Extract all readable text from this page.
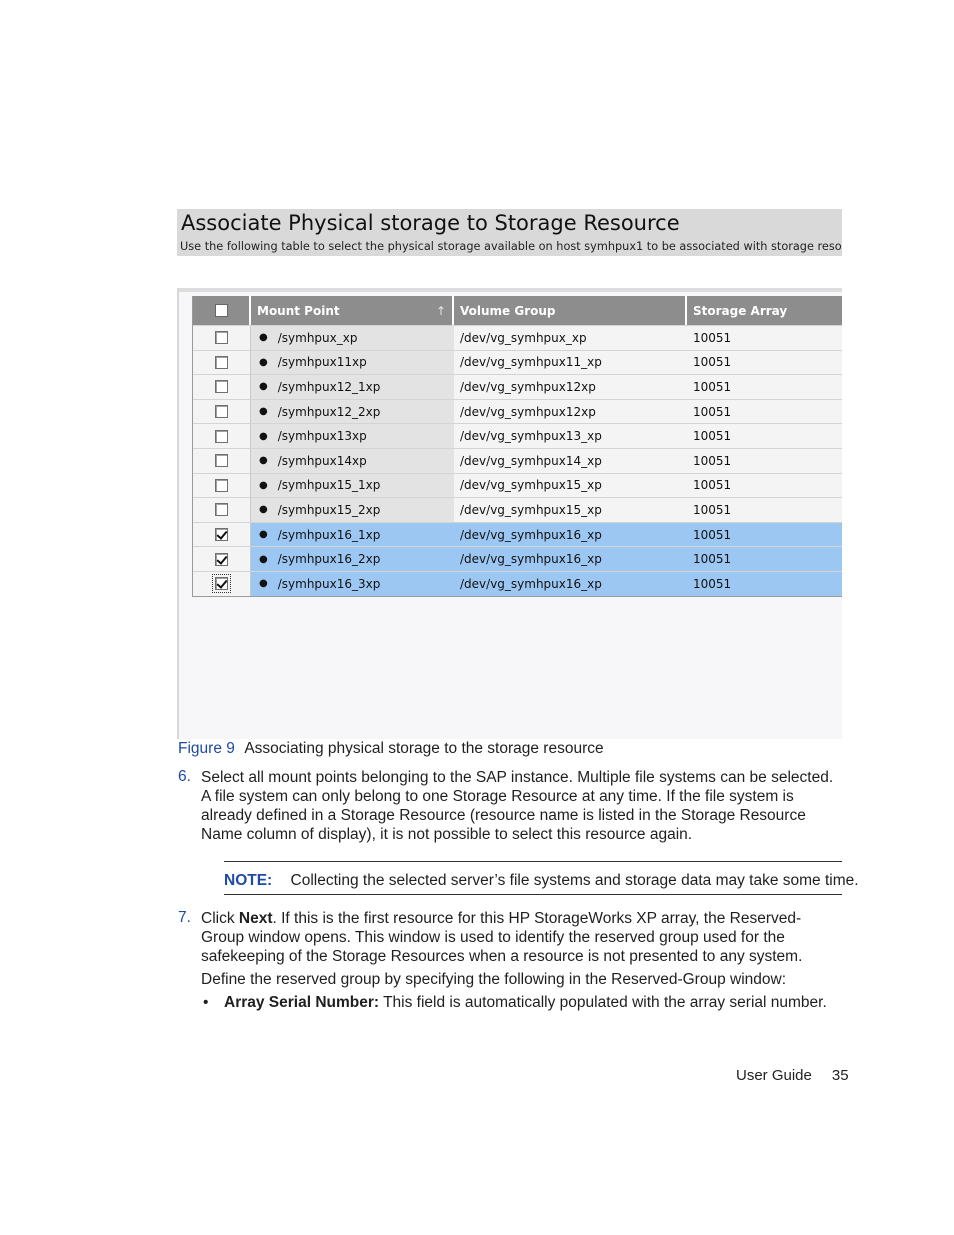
Associate Physical storage to Storage Resource
Use the following table to select the physical storage available on host symhpux1 to be associated with storage reso
Mount Point	↑ Volume Group	Storage Array
● /symhpux_xp	/dev/vg_symhpux_xp	10051
● /symhpux11xp	/dev/vg_symhpux11_xp	10051
● /symhpux12_1xp	/dev/vg_symhpux12xp	10051
● /symhpux12_2xp	/dev/vg_symhpux12xp	10051
● /symhpux13xp	/dev/vg_symhpux13_xp	10051
● /symhpux14xp	/dev/vg_symhpux14_xp	10051
● /symhpux15_1xp	/dev/vg_symhpux15_xp	10051
● /symhpux15_2xp	/dev/vg_symhpux15_xp	10051
● /symhpux16_1xp	/dev/vg_symhpux16_xp	10051
● /symhpux16_2xp	/dev/vg_symhpux16_xp	10051
● /symhpux16_3xp	/dev/vg_symhpux16_xp	10051
Figure 9 Associating physical storage to the storage resource
6. Select all mount points belonging to the SAP instance. Multiple file systems can be selected. A file system can only belong to one Storage Resource at any time. If the file system is already defined in a Storage Resource (resource name is listed in the Storage Resource Name column of display), it is not possible to select this resource again.
NOTE: Collecting the selected server’s file systems and storage data may take some time.
7. Click Next. If this is the first resource for this HP StorageWorks XP array, the Reserved-Group window opens. This window is used to identify the reserved group used for the safekeeping of the Storage Resources when a resource is not presented to any system.
Define the reserved group by specifying the following in the Reserved-Group window:
• Array Serial Number: This field is automatically populated with the array serial number.
User Guide 35
